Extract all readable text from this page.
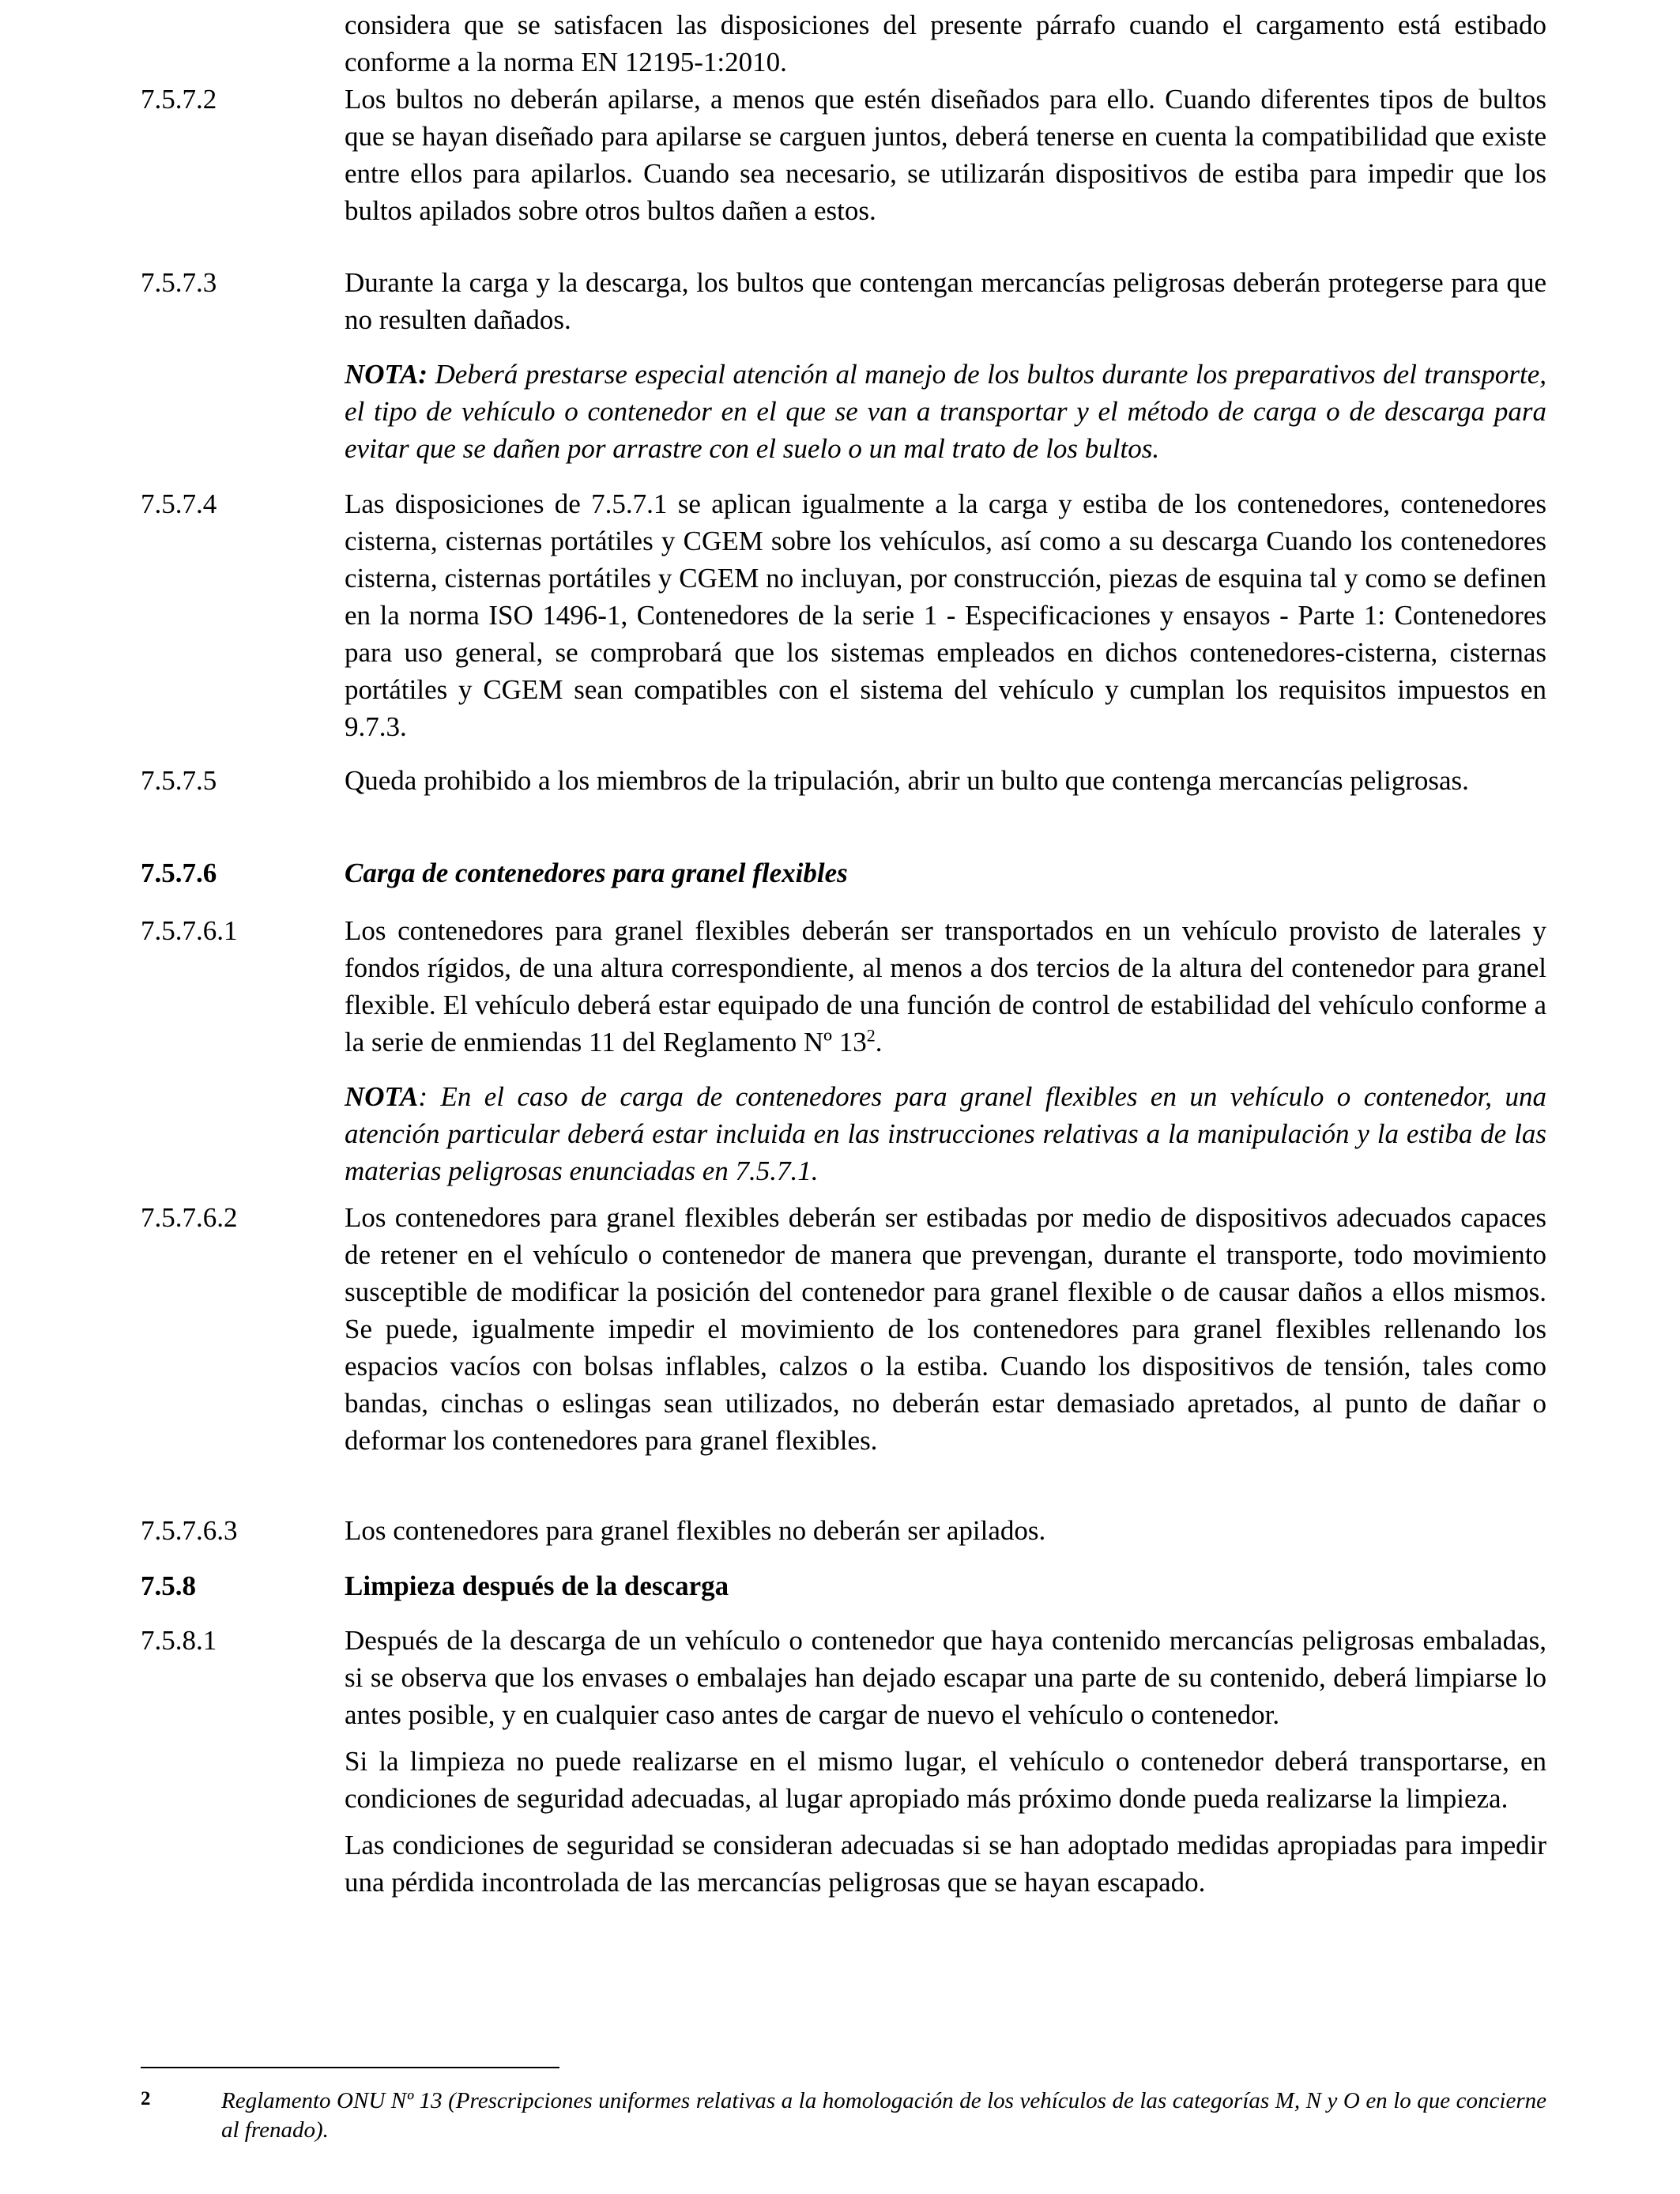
considera que se satisfacen las disposiciones del presente párrafo cuando el cargamento está estibado conforme a la norma EN 12195-1:2010.
7.5.7.2	Los bultos no deberán apilarse, a menos que estén diseñados para ello. Cuando diferentes tipos de bultos que se hayan diseñado para apilarse se carguen juntos, deberá tenerse en cuenta la compatibilidad que existe entre ellos para apilarlos. Cuando sea necesario, se utilizarán dispositivos de estiba para impedir que los bultos apilados sobre otros bultos dañen a estos.
7.5.7.3	Durante la carga y la descarga, los bultos que contengan mercancías peligrosas deberán protegerse para que no resulten dañados.

NOTA: Deberá prestarse especial atención al manejo de los bultos durante los preparativos del transporte, el tipo de vehículo o contenedor en el que se van a transportar y el método de carga o de descarga para evitar que se dañen por arrastre con el suelo o un mal trato de los bultos.

7.5.7.4	Las disposiciones de 7.5.7.1 se aplican igualmente a la carga y estiba de los contenedores, contenedores cisterna, cisternas portátiles y CGEM sobre los vehículos, así como a su descarga Cuando los contenedores cisterna, cisternas portátiles y CGEM no incluyan, por construcción, piezas de esquina tal y como se definen en la norma ISO 1496-1, Contenedores de la serie 1 - Especificaciones y ensayos - Parte 1: Contenedores para uso general, se comprobará que los sistemas empleados en dichos contenedores-cisterna, cisternas portátiles y CGEM sean compatibles con el sistema del vehículo y cumplan los requisitos impuestos en 9.7.3.
7.5.7.5	Queda prohibido a los miembros de la tripulación, abrir un bulto que contenga mercancías peligrosas.
7.5.7.6	Carga de contenedores para granel flexibles
7.5.7.6.1	Los contenedores para granel flexibles deberán ser transportados en un vehículo provisto de laterales y fondos rígidos, de una altura correspondiente, al menos a dos tercios de la altura del contenedor para granel flexible. El vehículo deberá estar equipado de una función de control de estabilidad del vehículo conforme a la serie de enmiendas 11 del Reglamento Nº $13^2$.

NOTA: En el caso de carga de contenedores para granel flexibles en un vehículo o contenedor, una atención particular deberá estar incluida en las instrucciones relativas a la manipulación y la estiba de las materias peligrosas enunciadas en 7.5.7.1.

7.5.7.6.2	Los contenedores para granel flexibles deberán ser estibadas por medio de dispositivos adecuados capaces de retener en el vehículo o contenedor de manera que prevengan, durante el transporte, todo movimiento susceptible de modificar la posición del contenedor para granel flexible o de causar daños a ellos mismos. Se puede, igualmente impedir el movimiento de los contenedores para granel flexibles rellenando los espacios vacíos con bolsas inflables, calzos o la estiba. Cuando los dispositivos de tensión, tales como bandas, cinchas o eslingas sean utilizados, no deberán estar demasiado apretados, al punto de dañar o deformar los contenedores para granel flexibles.
7.5.7.6.3	Los contenedores para granel flexibles no deberán ser apilados.
7.5.8	Limpieza después de la descarga
7.5.8.1	Después de la descarga de un vehículo o contenedor que haya contenido mercancías peligrosas embaladas, si se observa que los envases o embalajes han dejado escapar una parte de su contenido, deberá limpiarse lo antes posible, y en cualquier caso antes de cargar de nuevo el vehículo o contenedor.

Si la limpieza no puede realizarse en el mismo lugar, el vehículo o contenedor deberá transportarse, en condiciones de seguridad adecuadas, al lugar apropiado más próximo donde pueda realizarse la limpieza.

Las condiciones de seguridad se consideran adecuadas si se han adoptado medidas apropiadas para impedir una pérdida incontrolada de las mercancías peligrosas que se hayan escapado.

2	Reglamento ONU Nº 13 (Prescripciones uniformes relativas a la homologación de los vehículos de las categorías M, N y O en lo que concierne al frenado).
